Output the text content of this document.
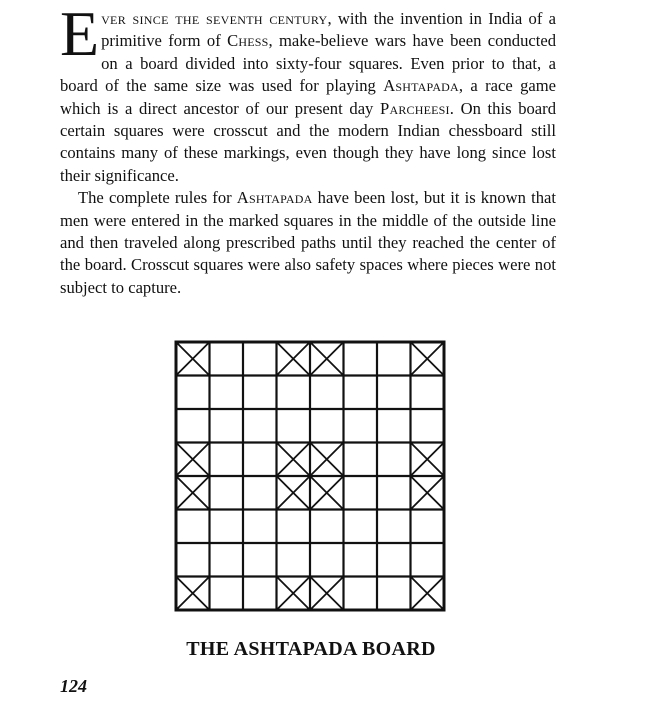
Ever since the seventh century, with the invention in India of a primitive form of Chess, make-believe wars have been conducted on a board divided into sixty-four squares. Even prior to that, a board of the same size was used for playing Ashtapada, a race game which is a direct ancestor of our present day Parcheesi. On this board certain squares were crosscut and the modern Indian chessboard still contains many of these markings, even though they have long since lost their significance.

The complete rules for Ashtapada have been lost, but it is known that men were entered in the marked squares in the middle of the outside line and then traveled along prescribed paths until they reached the center of the board. Crosscut squares were also safety spaces where pieces were not subject to capture.

THE ASHTAPADA BOARD
124
